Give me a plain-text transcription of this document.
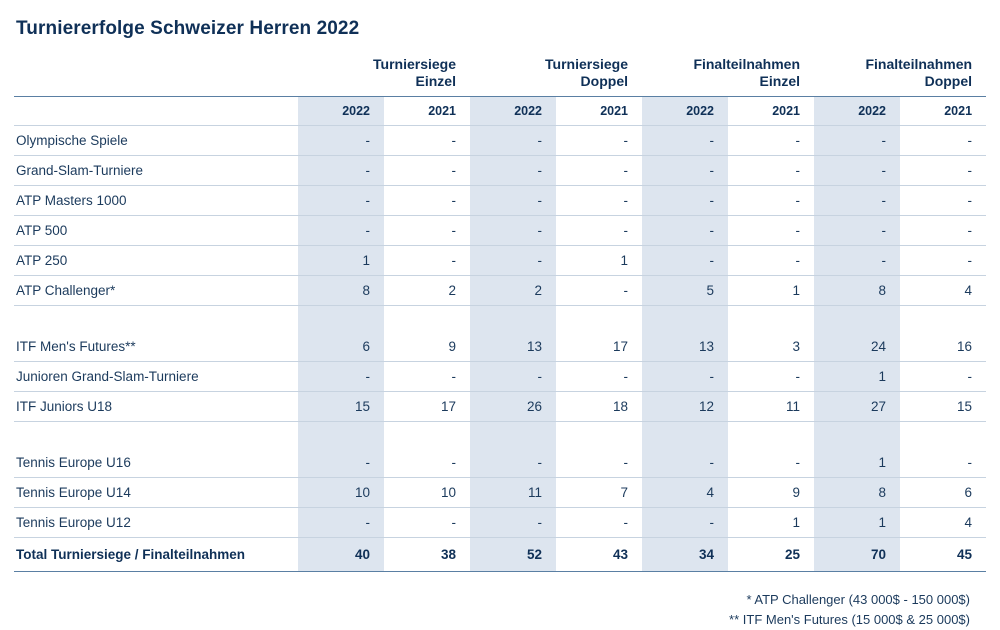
Turniererfolge Schweizer Herren 2022

Turniersiege
Einzel

Turniersiege
Doppel

Finalteilnahmen
Einzel

Finalteilnahmen
Doppel

	2022	2021	2022	2021	2022	2021	2022	2021
Olympische Spiele	-	-	-	-	-	-	-	-
Grand-Slam-Turniere	-	-	-	-	-	-	-	-
ATP Masters 1000	-	-	-	-	-	-	-	-
ATP 500	-	-	-	-	-	-	-	-
ATP 250	1	-	-	1	-	-	-	-
ATP Challenger*	8	2	2	-	5	1	8	4

ITF Men's Futures**	6	9	13	17	13	3	24	16
Junioren Grand-Slam-Turniere	-	-	-	-	-	-	1	-
ITF Juniors U18	15	17	26	18	12	11	27	15

Tennis Europe U16	-	-	-	-	-	-	1	-
Tennis Europe U14	10	10	11	7	4	9	8	6
Tennis Europe U12	-	-	-	-	-	1	1	4
Total Turniersiege / Finalteilnahmen	40	38	52	43	34	25	70	45
* ATP Challenger (43 000$ - 150 000$)
** ITF Men's Futures (15 000$ & 25 000$)
